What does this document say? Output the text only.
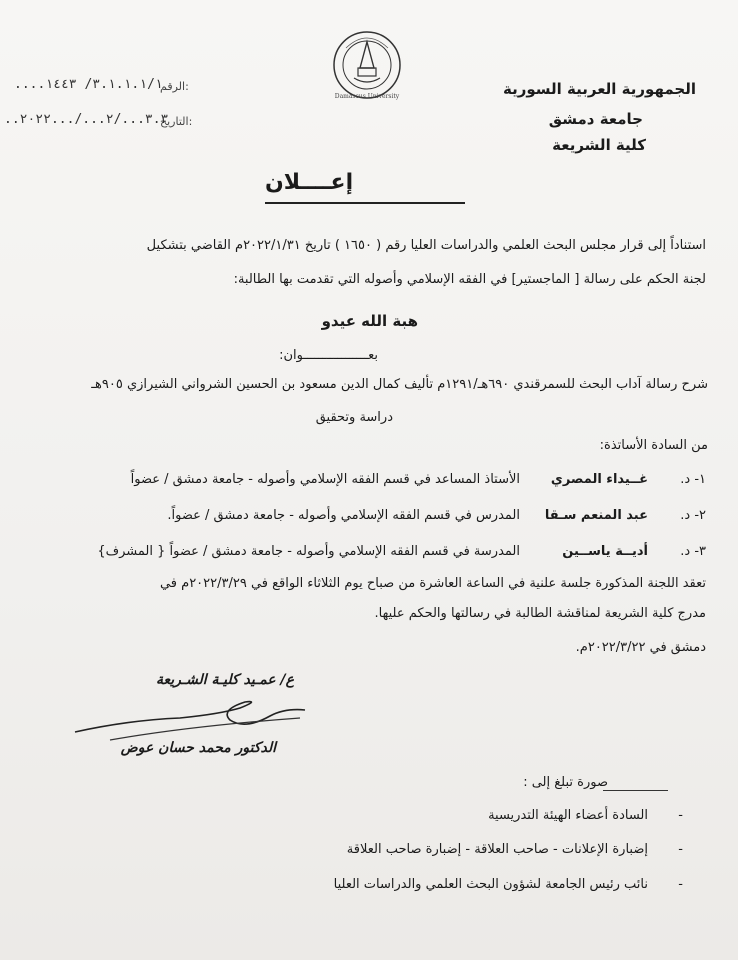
Damascus University	الجمهورية العربية السورية
جامعة دمشق
كلية الشريعة
الرقم:
....٣.١.١.١/١/ ١٤٤٣
التاريخ:
..٣.٣.../٢.../...٢٠٢٢
إعــــلان
استناداً إلى قرار مجلس البحث العلمي والدراسات العليا رقم ( ١٦٥٠ ) تاريخ ٢٠٢٢/١/٣١م القاضي بتشكيل
لجنة الحكم على رسالة [ الماجستير] في الفقه الإسلامي وأصوله التي تقدمت بها الطالبة:
هبة الله عيدو
بعـــــــــــــــــوان:
شرح رسالة آداب البحث للسمرقندي ٦٩٠هـ/١٢٩١م تأليف كمال الدين مسعود بن الحسين الشرواني الشيرازي ٩٠٥هـ
دراسة وتحقيق
من السادة الأساتذة:
١- د.
غــيداء المصري
الأستاذ المساعد في قسم الفقه الإسلامي وأصوله - جامعة دمشق / عضواً
٢- د.
عبد المنعم سـقا
المدرس في قسم الفقه الإسلامي وأصوله - جامعة دمشق / عضواً.
٣- د.
أديــة ياســين
المدرسة في قسم الفقه الإسلامي وأصوله - جامعة دمشق / عضواً { المشرف}
تعقد اللجنة المذكورة جلسة علنية في الساعة العاشرة من صباح يوم الثلاثاء الواقع في ٢٠٢٢/٣/٢٩م في
مدرج كلية الشريعة لمناقشة الطالبة في رسالتها والحكم عليها.
دمشق في ٢٠٢٢/٣/٢٢م.
ع/ عمـيد كليـة الشـريعة
الدكتور محمد حسان عوض
صورة تبلغ إلى :
-
السادة أعضاء الهيئة التدريسية
-
إضبارة الإعلانات - صاحب العلاقة - إضبارة صاحب العلاقة
-
نائب رئيس الجامعة لشؤون البحث العلمي والدراسات العليا
